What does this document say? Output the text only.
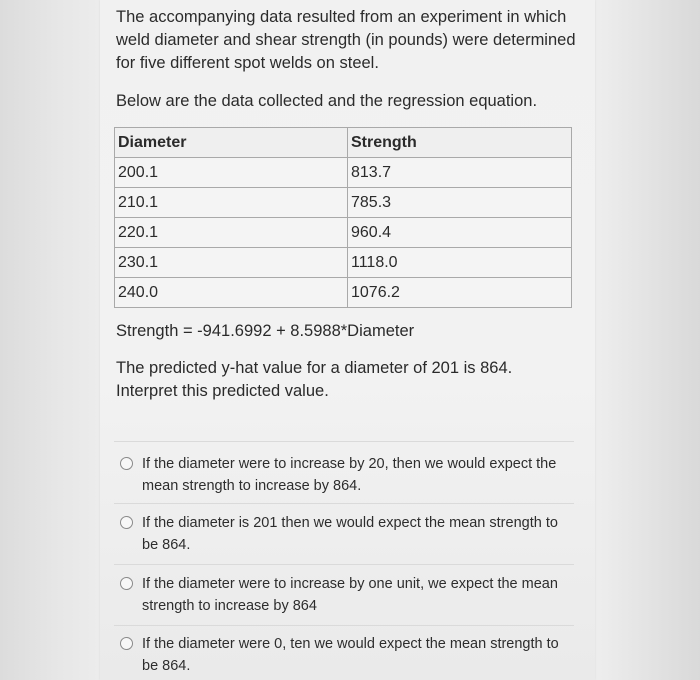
The accompanying data resulted from an experiment in which weld diameter and shear strength (in pounds) were determined for five different spot welds on steel.

Below are the data collected and the regression equation.

Diameter	Strength
200.1	813.7
210.1	785.3
220.1	960.4
230.1	1118.0
240.0	1076.2

Strength = -941.6992 + 8.5988*Diameter

The predicted y-hat value for a diameter of 201 is 864. Interpret this predicted value.

If the diameter were to increase by 20, then we would expect the mean strength to increase by 864.
If the diameter is 201 then we would expect the mean strength to be 864.
If the diameter were to increase by one unit, we expect the mean strength to increase by 864
If the diameter were 0, ten we would expect the mean strength to be 864.
